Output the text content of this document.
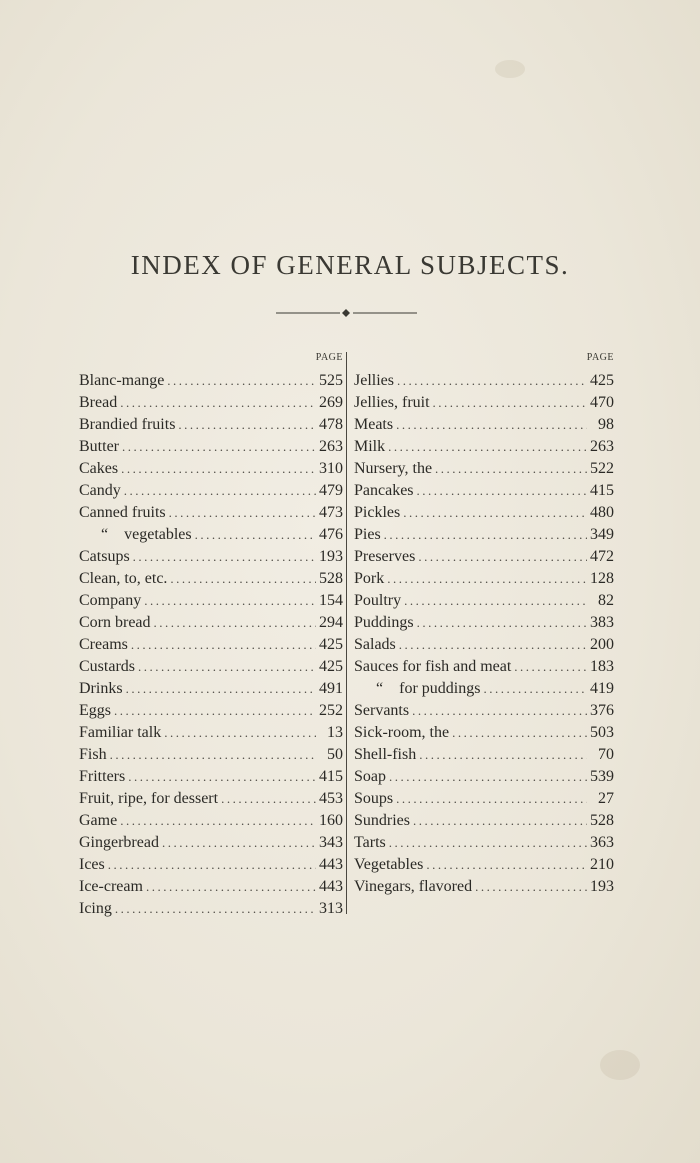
INDEX OF GENERAL SUBJECTS.
PAGE
Blanc-mange .....	525
Bread .....	269
Brandied fruits .....	478
Butter .....	263
Cakes .....	310
Candy .....	479
Canned fruits .....	473
“ vegetables .....	476
Catsups .....	193
Clean, to, etc. .....	528
Company .....	154
Corn bread .....	294
Creams .....	425
Custards .....	425
Drinks .....	491
Eggs .....	252
Familiar talk .....	13
Fish .....	50
Fritters .....	415
Fruit, ripe, for dessert .....	453
Game .....	160
Gingerbread .....	343
Ices .....	443
Ice-cream .....	443
Icing .....	313
PAGE
Jellies .....	425
Jellies, fruit .....	470
Meats .....	98
Milk .....	263
Nursery, the .....	522
Pancakes .....	415
Pickles .....	480
Pies .....	349
Preserves .....	472
Pork .....	128
Poultry .....	82
Puddings .....	383
Salads .....	200
Sauces for fish and meat .....	183
“ for puddings .....	419
Servants .....	376
Sick-room, the .....	503
Shell-fish .....	70
Soap .....	539
Soups .....	27
Sundries .....	528
Tarts .....	363
Vegetables .....	210
Vinegars, flavored .....	193
